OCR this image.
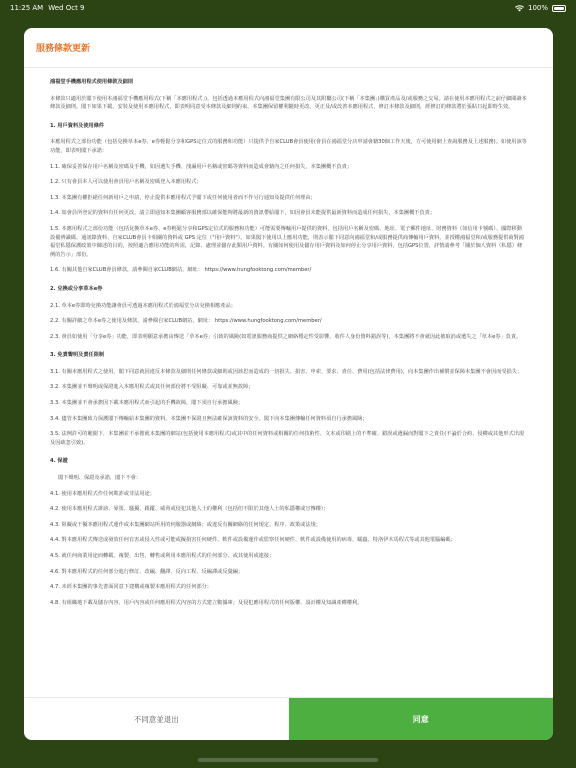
11:25 AM Wed Oct 9	100%
服務條款更新
鴻福堂手機應用程式使用條款及細則

本條款只適用於閣下使用本鴻福堂手機應用程式(下稱「本應用程式」)，包括透過本應用程式向鴻福堂集團有限公司及其附屬公司(下稱「本集團」)購買產品及/或服務之交易。請在使用本應用程式之前仔細閱讀本條款及細則。閣下如果下載、安裝及使用本應用程式，即表明同意受本條款及細則約束。本集團保留權利隨時更改、更正及/或改善本應用程式，修訂本條款及細則，經修訂的條款將於張貼日起即時生效。

1. 用戶資料及使用條件

本應用程式之部份功能（包括兌換草本e券、e券輕鬆分享和GPS定位式的服務和功能）只提供予自家CLUB會員使用(會員在鴻福堂分店申請會籍30個工作天後，方可使用網上查詢服務及上述服務)。如使用該等功能，即表明閣下承諾：

1.1. 確保妥善保存用戶名稱及密碼及手機，如因遺失手機、洩漏用戶名稱或密碼等資料而造成會籍內之任何損失，本集團概不負責；

1.2. 只有會員本人可以使用會員用戶名稱及密碼登入本應用程式；

1.3. 本集團有權拒絕任何新用戶之申請，停止提供本應用程式予閣下或任何使用者而不作另行通知及提供任何理由；

1.4. 如會員所登記的資料有任何更改，請立即通知本集團顧客服務部以確保能夠將最新的資訊帶給閣下，如因會員未能提供最新資料而造成任何損失，本集團概不負責；

1.5. 本應用程式之部份功能（包括兌換草本e券、e券輕鬆分享和GPS定位式的服務和功能）可能需要傳輸用戶提供的資料，包括用戶名稱及密碼、地址、電子郵件地址、財務資料（如信用卡號碼）、國際移動設備辨識碼、通訊錄資料、自家CLUB會員卡相關的資料或 GPS 定位（"用戶資料"）。如果閣下使用以上應用功能，則表示閣下同意向鴻福堂和/或服務提供商傳輸用戶資料，並授權鴻福堂和/或服務提供商對鴻福堂私隱保護政策中陳述的目的，按照適合應用功能的所需，記錄、處理並儲存此類用戶資料。有關如何使用及儲存用戶資料及如何停止分享用戶資料，包括GPS位置，詳情請參考「關於個人資料（私隱）條例的告示」部份。

1.6. 有關其他自家CLUB會員條款，請參閱自家CLUB網站，網址： https://www.hungfooktong.com/member/

2. 兌換或分享草本e券

2.1. 草本e券即時兌換功能讓會員可透過本應用程式於鴻福堂分店兌換相應產品；

2.2. 有關詳細之草本e券之使用及條款，請參閱自家CLUB網站，網址： https://www.hungfooktong.com/member/

2.3. 會員如使用「分享e券」功能，即表明願意承擔由傳送「草本e券」引致的風險(如電訊服務商提供之網絡穩定性受影響、收件人身份資料錯誤等)，本集團將不會就因此被取消或遺失之「草本e券」負責。

3. 免責聲明及責任限制

3.1. 有關本應用程式之使用，閣下同意就因違反本條款及細則任何條款或細則或因該思而造成的一切損失、損害、申索、要求、責任、費用(包括法律費用)，向本集團作出補償並保障本集團不會因而受損失；

3.2. 本集團並不聲明或保證進入本應用程式或其任何部份將不受阻礙、可靠或並無故障；

3.3. 本集團並不會承擔因下載本應用程式而引起的手機故障，閣下須自行承擔風險；

3.4. 儘管本集團致力保護閣下傳輸給本集團的資料，本集團不保證且無法確保該資料的安全。閣下向本集團傳輸任何資料須自行承擔風險；

3.5. 法例許可的範圍下，本集團並不承擔就本集團的網站(包括使用本應用程式)或其中的任何資料或相關的任何技術性、文本或印刷上的不準確、錯誤或遺漏而對閣下之責任(不論於合約、侵權或其他形式出現及因疏忽引致)。

4. 保證

閣下聲明、保證及承諾，閣下不會：

4.1. 使用本應用程式作任何欺詐或非法用途；

4.2. 使用本應用程式誹謗、辱罵、騷擾、跟蹤、威脅或侵犯其他人士的權利（包括但不限於其他人士的私隱權或宣傳權）；

4.3. 阻礙或干擾本應用程式運作或本集團網站所用的伺服器或網絡；或違反有關網絡的任何規定、程序、政策或法規；

4.4. 對本應用程式傳送或發放任何有害或侵入性或可能或擬損害任何硬件、軟件或設備運作或監察任何硬件、軟件或設備使用的病毒、蠕蟲、特洛伊木馬程式等或其他電腦編碼；

4.5. 就任何商業用途而轉載、複製、出售、轉售或利用本應用程式的任何部分、或其使用或連接；

4.6. 對本應用程式的任何部分進行修訂、改編、翻譯、反向工程、反編譯或反彙編；

4.7. 未經本集團的事先書面同意下建構或複製本應用程式的任何部分；

4.8. 有組織地下載及儲存內容、用戶內容或任何應用程式內容的方式建立數據庫；及侵犯應用程式的任何版權、設計權及知識產權權利。

不同意並退出	同意
